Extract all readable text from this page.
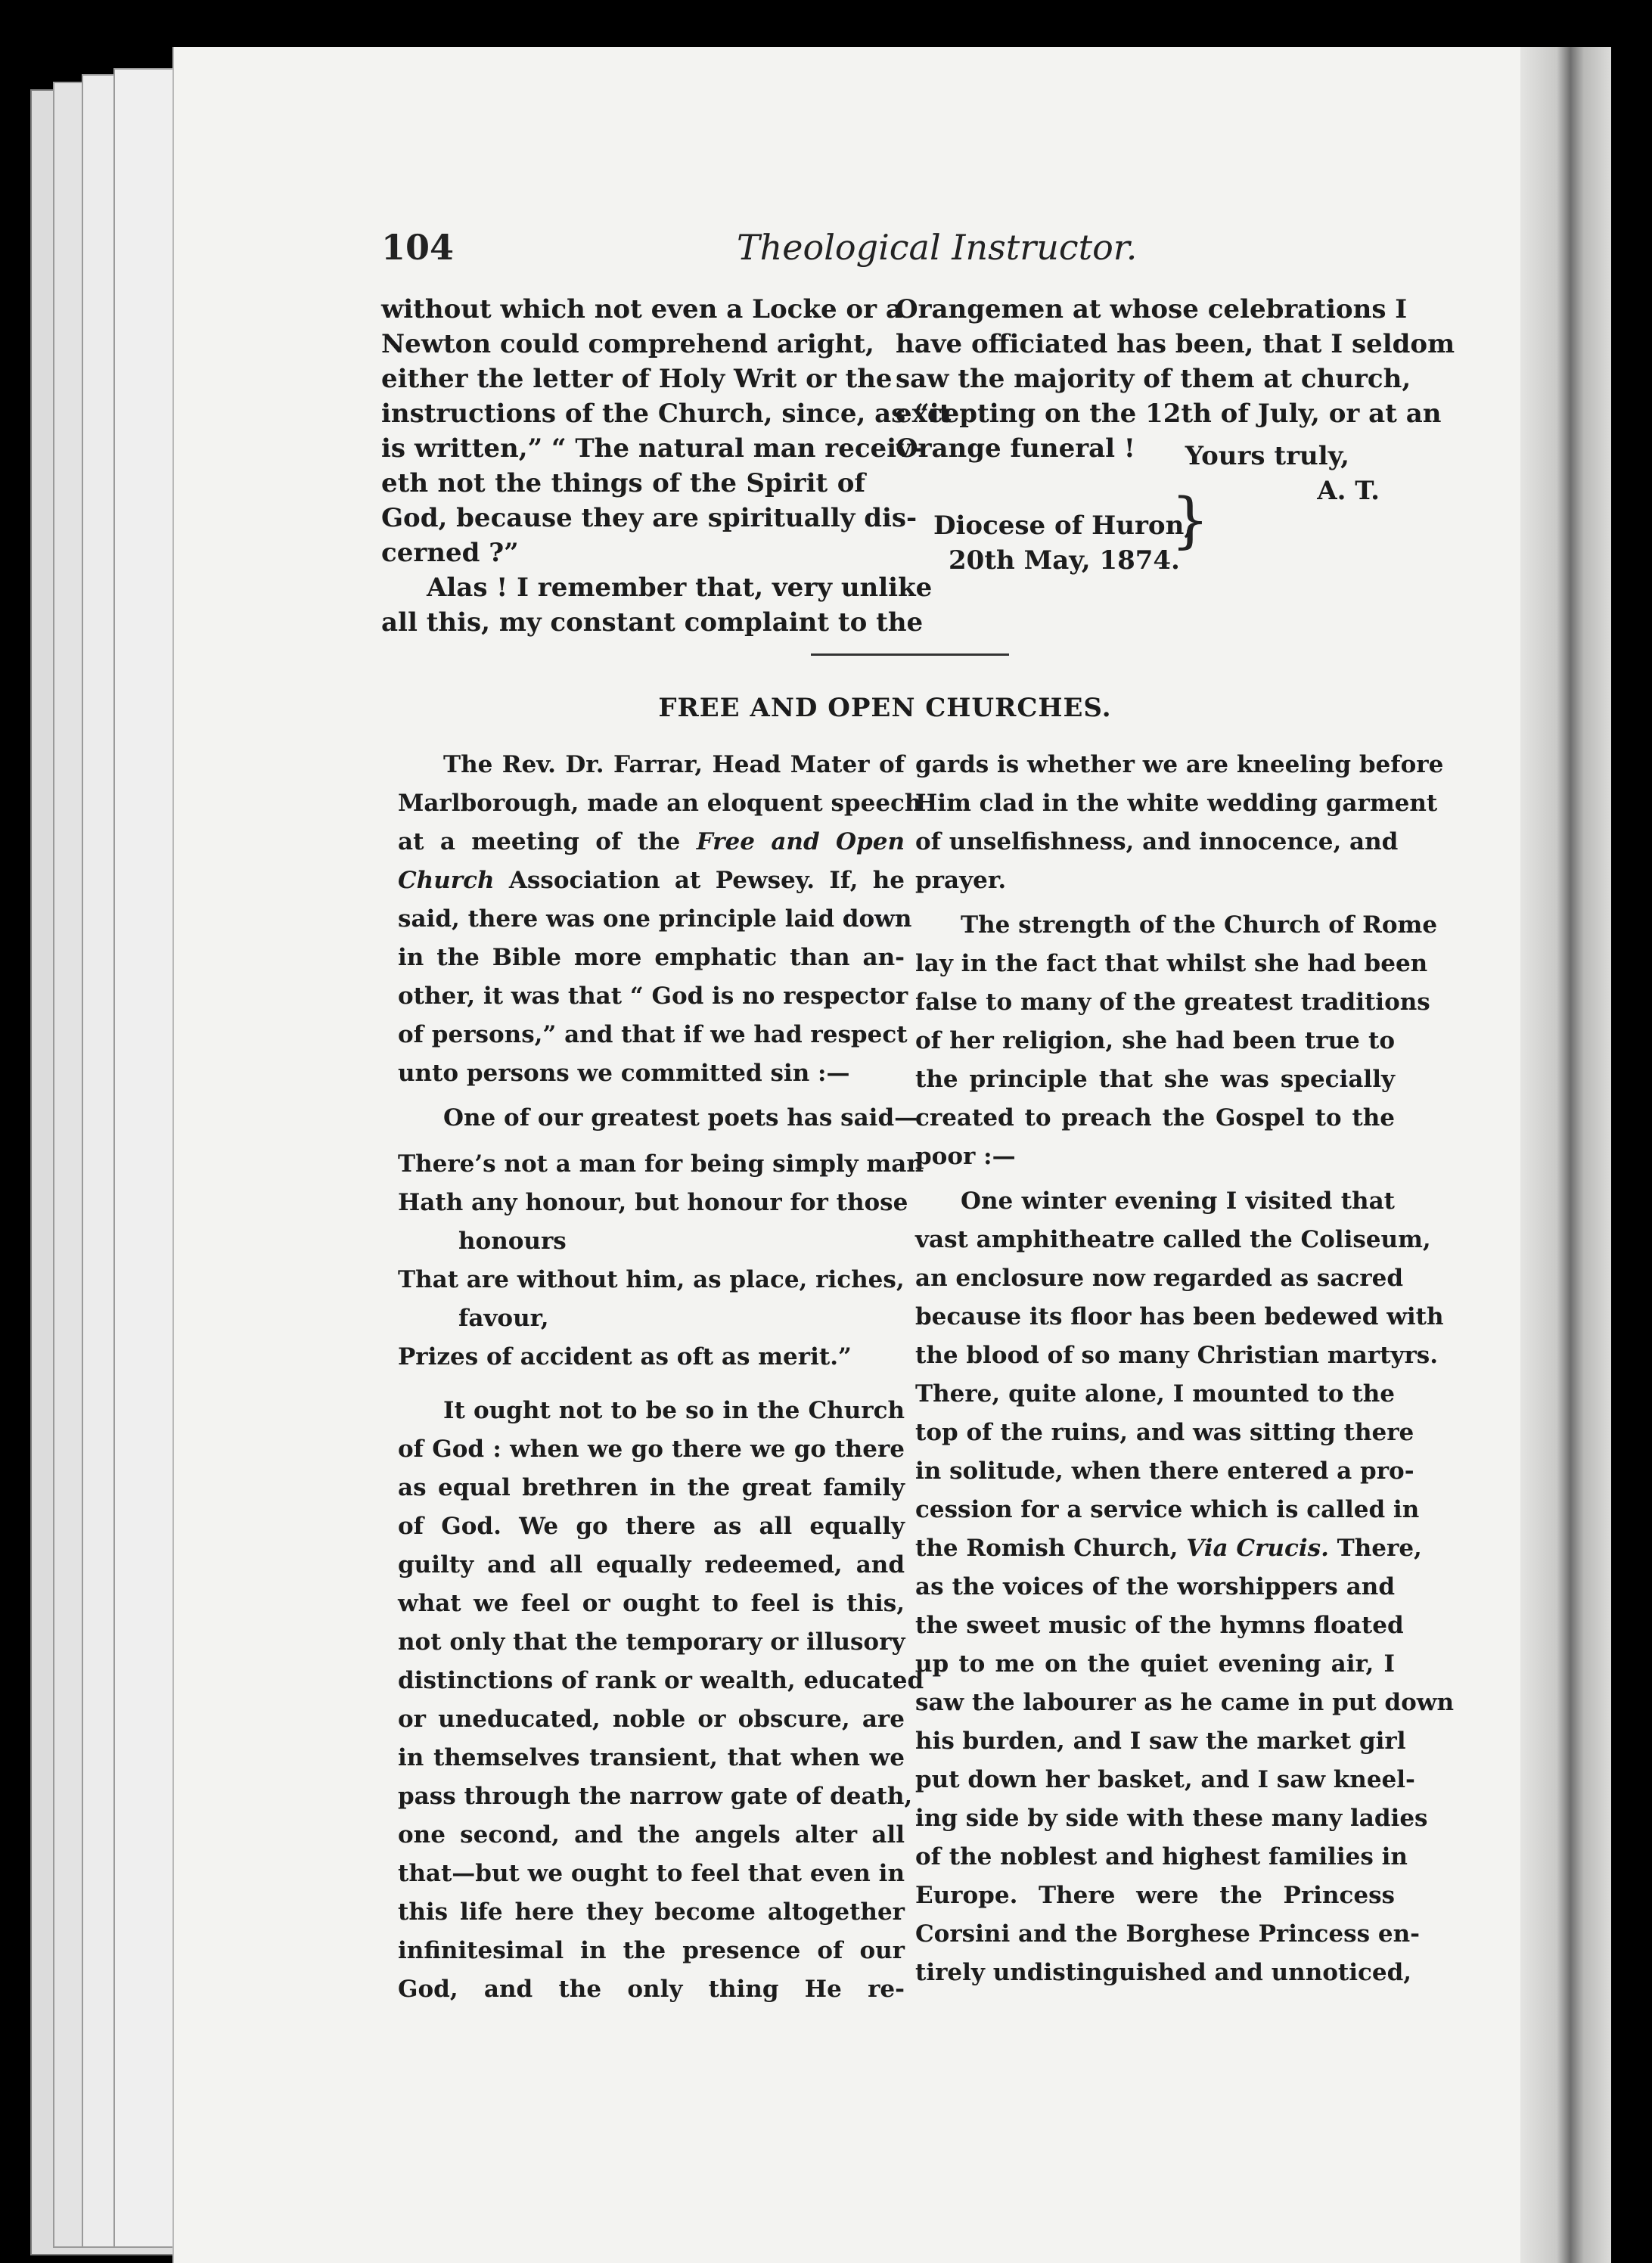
104	Theological Instructor.
without which not even a Locke or a
Newton could comprehend aright,
either the letter of Holy Writ or the
instructions of the Church, since, as “it
is written,” “ The natural man receiv-
eth not the things of the Spirit of
God, because they are spiritually dis-
cerned ?”
Alas ! I remember that, very unlike
all this, my constant complaint to the
Orangemen at whose celebrations I
have officiated has been, that I seldom
saw the majority of them at church,
excepting on the 12th of July, or at an
Orange funeral !	Yours truly,
A. T.
Diocese of Huron,
20th May, 1874.
}
FREE AND OPEN CHURCHES.
The Rev. Dr. Farrar, Head Mater of
Marlborough, made an eloquent speech
at a meeting of the Free and Open
Church Association at Pewsey. If, he
said, there was one principle laid down
in the Bible more emphatic than an-
other, it was that “ God is no respector
of persons,” and that if we had respect
unto persons we committed sin :—
One of our greatest poets has said—
There’s not a man for being simply man
Hath any honour, but honour for those
honours
That are without him, as place, riches,
favour,
Prizes of accident as oft as merit.”
It ought not to be so in the Church
of God : when we go there we go there
as equal brethren in the great family
of God. We go there as all equally
guilty and all equally redeemed, and
what we feel or ought to feel is this,
not only that the temporary or illusory
distinctions of rank or wealth, educated
or uneducated, noble or obscure, are
in themselves transient, that when we
pass through the narrow gate of death,
one second, and the angels alter all
that—but we ought to feel that even in
this life here they become altogether
infinitesimal in the presence of our
God, and the only thing He re-
gards is whether we are kneeling before
Him clad in the white wedding garment
of unselfishness, and innocence, and
prayer.
The strength of the Church of Rome
lay in the fact that whilst she had been
false to many of the greatest traditions
of her religion, she had been true to
the principle that she was specially
created to preach the Gospel to the
poor :—
One winter evening I visited that
vast amphitheatre called the Coliseum,
an enclosure now regarded as sacred
because its floor has been bedewed with
the blood of so many Christian martyrs.
There, quite alone, I mounted to the
top of the ruins, and was sitting there
in solitude, when there entered a pro-
cession for a service which is called in
the Romish Church, Via Crucis. There,
as the voices of the worshippers and
the sweet music of the hymns floated
up to me on the quiet evening air, I
saw the labourer as he came in put down
his burden, and I saw the market girl
put down her basket, and I saw kneel-
ing side by side with these many ladies
of the noblest and highest families in
Europe. There were the Princess
Corsini and the Borghese Princess en-
tirely undistinguished and unnoticed,
